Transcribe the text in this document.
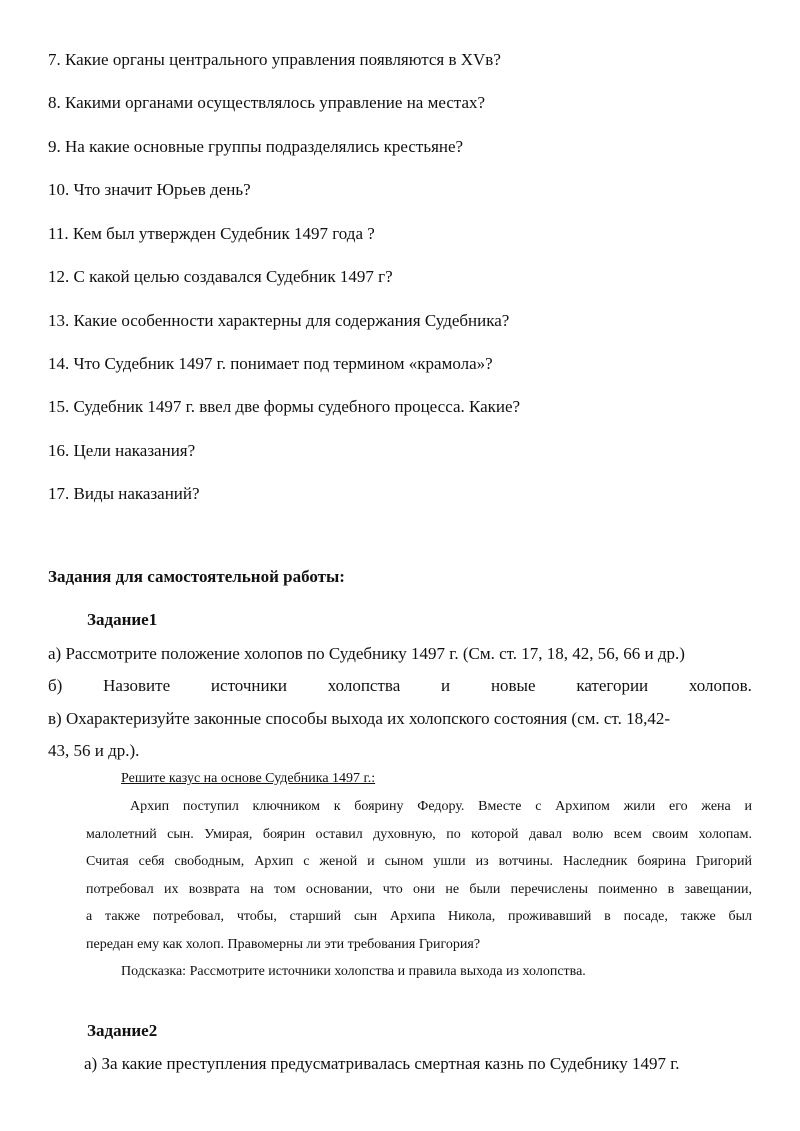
7. Какие органы центрального управления появляются в XVв?
8. Какими органами осуществлялось управление на местах?
9. На какие основные группы подразделялись крестьяне?
10. Что значит Юрьев день?
11. Кем был утвержден Судебник 1497 года ?
12. С какой целью создавался Судебник 1497 г?
13. Какие особенности характерны для содержания Судебника?
14. Что Судебник 1497 г. понимает под термином «крамола»?
15. Судебник 1497 г. ввел две формы судебного процесса. Какие?
16. Цели наказания?
17. Виды наказаний?
Задания для самостоятельной работы:
Задание1
а) Рассмотрите положение холопов по Судебнику 1497 г. (См. ст. 17, 18, 42, 56, 66 и др.)
б) Назовите источники холопства и новые категории холопов.
в) Охарактеризуйте законные способы выхода их холопского состояния (см. ст. 18,42-
43, 56 и др.).
Решите казус на основе Судебника 1497 г.:
Архип поступил ключником к боярину Федору. Вместе с Архипом жили его жена и
малолетний сын. Умирая, боярин оставил духовную, по которой давал волю всем своим холопам.
Считая себя свободным, Архип с женой и сыном ушли из вотчины. Наследник боярина Григорий
потребовал их возврата на том основании, что они не были перечислены поименно в завещании,
а также потребовал, чтобы, старший сын Архипа Никола, проживавший в посаде, также был
передан ему как холоп. Правомерны ли эти требования Григория?
Подсказка: Рассмотрите источники холопства и правила выхода из холопства.
Задание2
а) За какие преступления предусматривалась смертная казнь по Судебнику 1497 г.
